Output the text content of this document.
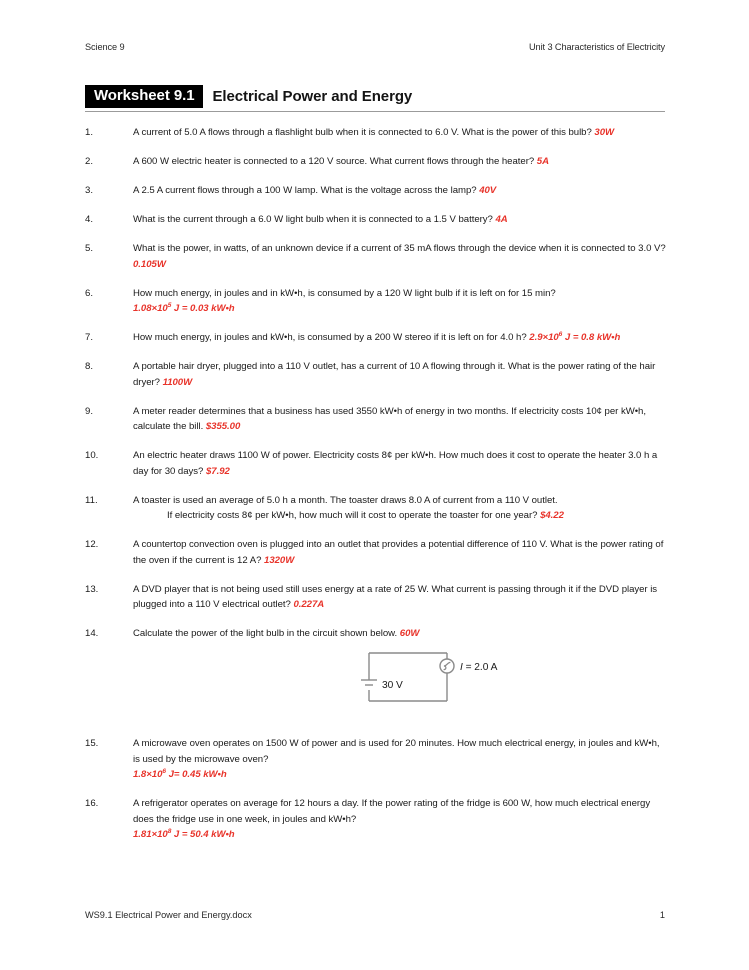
Science 9	Unit 3 Characteristics of Electricity
Worksheet 9.1	Electrical Power and Energy
1.	A current of 5.0 A flows through a flashlight bulb when it is connected to 6.0 V. What is the power of this bulb? 30W
2.	A 600 W electric heater is connected to a 120 V source. What current flows through the heater? 5A
3.	A 2.5 A current flows through a 100 W lamp. What is the voltage across the lamp? 40V
4.	What is the current through a 6.0 W light bulb when it is connected to a 1.5 V battery? 4A
5.	What is the power, in watts, of an unknown device if a current of 35 mA flows through the device when it is connected to 3.0 V? 0.105W
6.	How much energy, in joules and in kW•h, is consumed by a 120 W light bulb if it is left on for 15 min?
$1.08\times 10^5$ J = 0.03 kW•h
7.	How much energy, in joules and kW•h, is consumed by a 200 W stereo if it is left on for 4.0 h? $2.9\times 10^6$ J = 0.8 kW•h
8.	A portable hair dryer, plugged into a 110 V outlet, has a current of 10 A flowing through it. What is the power rating of the hair dryer? 1100W
9.	A meter reader determines that a business has used 3550 kW•h of energy in two months. If electricity costs 10¢ per kW•h, calculate the bill. $355.00
10.	An electric heater draws 1100 W of power. Electricity costs 8¢ per kW•h. How much does it cost to operate the heater 3.0 h a day for 30 days? $7.92
11.	A toaster is used an average of 5.0 h a month. The toaster draws 8.0 A of current from a 110 V outlet.
If electricity costs 8¢ per kW•h, how much will it cost to operate the toaster for one year? $4.22
12.	A countertop convection oven is plugged into an outlet that provides a potential difference of 110 V. What is the power rating of the oven if the current is 12 A? 1320W
13.	A DVD player that is not being used still uses energy at a rate of 25 W. What current is passing through it if the DVD player is plugged into a 110 V electrical outlet? 0.227A
14.	Calculate the power of the light bulb in the circuit shown below. 60W
30 V
I = 2.0 A
15.	A microwave oven operates on 1500 W of power and is used for 20 minutes. How much electrical energy, in joules and kW•h, is used by the microwave oven?
$1.8\times 10^6$ J= 0.45 kW•h
16.	A refrigerator operates on average for 12 hours a day. If the power rating of the fridge is 600 W, how much electrical energy does the fridge use in one week, in joules and kW•h?
$1.81\times 10^8$ J = 50.4 kW•h
WS9.1 Electrical Power and Energy.docx	1
